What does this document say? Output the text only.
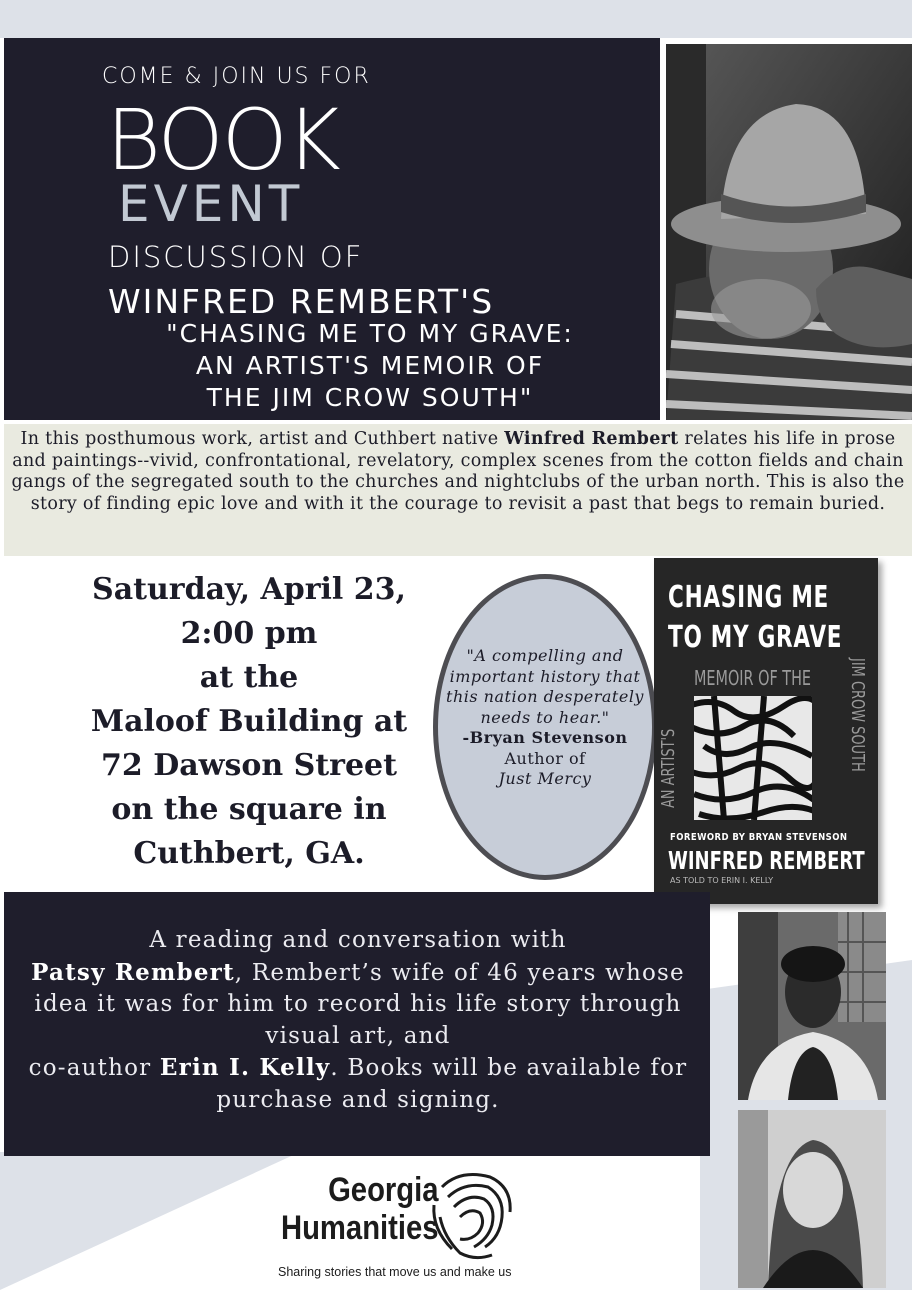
COME & JOIN US FOR
BOOK
EVENT
DISCUSSION OF
WINFRED REMBERT'S
"CHASING ME TO MY GRAVE:
AN ARTIST'S MEMOIR OF
THE JIM CROW SOUTH"
In this posthumous work, artist and Cuthbert native Winfred Rembert relates his life in prose and paintings--vivid, confrontational, revelatory, complex scenes from the cotton fields and chain gangs of the segregated south to the churches and nightclubs of the urban north. This is also the story of finding epic love and with it the courage to revisit a past that begs to remain buried.
Saturday, April 23,
2:00 pm
at the
Maloof Building at
72 Dawson Street
on the square in
Cuthbert, GA.
"A compelling and important history that this nation desperately needs to hear."
-Bryan Stevenson
Author of
Just Mercy
CHASING ME
TO MY GRAVE
MEMOIR OF THE
AN ARTIST'S	JIM CROW SOUTH
FOREWORD BY BRYAN STEVENSON
WINFRED REMBERT
AS TOLD TO ERIN I. KELLY
A reading and conversation with
Patsy Rembert, Rembert’s wife of 46 years whose idea it was for him to record his life story through visual art, and
co-author Erin I. Kelly. Books will be available for purchase and signing.
Georgia
Humanities
Sharing stories that move us and make us
